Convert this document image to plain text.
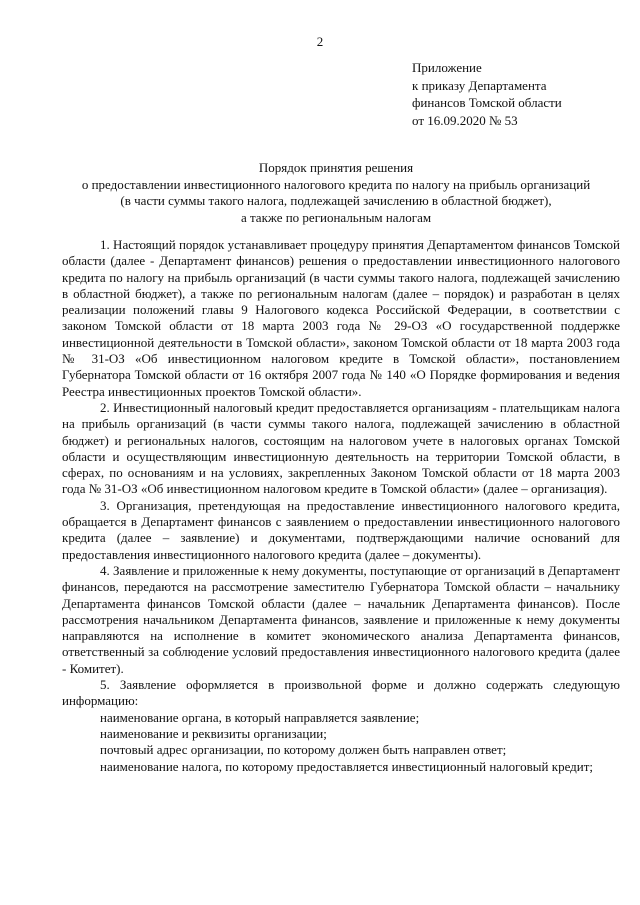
2
Приложение
к приказу Департамента
финансов Томской области
от 16.09.2020 № 53
Порядок принятия решения
о предоставлении инвестиционного налогового кредита по налогу на прибыль организаций
(в части суммы такого налога, подлежащей зачислению в областной бюджет),
а также по региональным налогам

1. Настоящий порядок устанавливает процедуру принятия Департаментом финансов Томской области (далее - Департамент финансов) решения о предоставлении инвестиционного налогового кредита по налогу на прибыль организаций (в части суммы такого налога, подлежащей зачислению в областной бюджет), а также по региональным налогам (далее – порядок) и разработан в целях реализации положений главы 9 Налогового кодекса Российской Федерации, в соответствии с законом Томской области от 18 марта 2003 года № 29-ОЗ «О государственной поддержке инвестиционной деятельности в Томской области», законом Томской области от 18 марта 2003 года № 31-ОЗ «Об инвестиционном налоговом кредите в Томской области», постановлением Губернатора Томской области от 16 октября 2007 года № 140 «О Порядке формирования и ведения Реестра инвестиционных проектов Томской области».

2. Инвестиционный налоговый кредит предоставляется организациям - плательщикам налога на прибыль организаций (в части суммы такого налога, подлежащей зачислению в областной бюджет) и региональных налогов, состоящим на налоговом учете в налоговых органах Томской области и осуществляющим инвестиционную деятельность на территории Томской области, в сферах, по основаниям и на условиях, закрепленных Законом Томской области от 18 марта 2003 года № 31-ОЗ «Об инвестиционном налоговом кредите в Томской области» (далее – организация).

3. Организация, претендующая на предоставление инвестиционного налогового кредита, обращается в Департамент финансов с заявлением о предоставлении инвестиционного налогового кредита (далее – заявление) и документами, подтверждающими наличие оснований для предоставления инвестиционного налогового кредита (далее – документы).

4. Заявление и приложенные к нему документы, поступающие от организаций в Департамент финансов, передаются на рассмотрение заместителю Губернатора Томской области – начальнику Департамента финансов Томской области (далее – начальник Департамента финансов). После рассмотрения начальником Департамента финансов, заявление и приложенные к нему документы направляются на исполнение в комитет экономического анализа Департамента финансов, ответственный за соблюдение условий предоставления инвестиционного налогового кредита (далее - Комитет).

5. Заявление оформляется в произвольной форме и должно содержать следующую информацию:

наименование органа, в который направляется заявление;

наименование и реквизиты организации;

почтовый адрес организации, по которому должен быть направлен ответ;

наименование налога, по которому предоставляется инвестиционный налоговый кредит;
